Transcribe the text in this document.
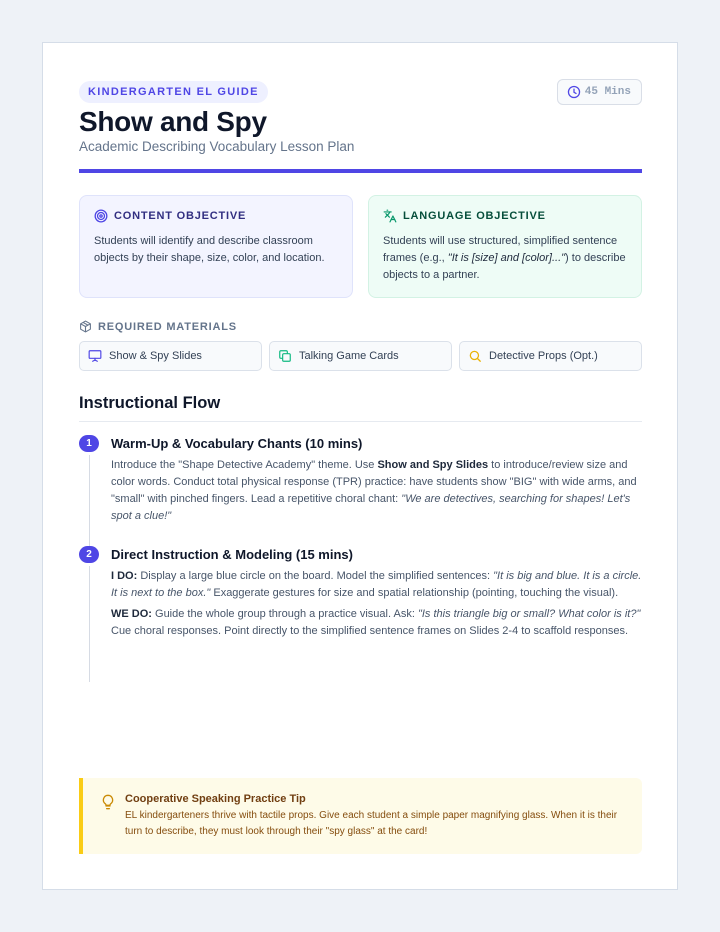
KINDERGARTEN EL GUIDE	45 Mins
Show and Spy
Academic Describing Vocabulary Lesson Plan
CONTENT OBJECTIVE
Students will identify and describe classroom objects by their shape, size, color, and location.
LANGUAGE OBJECTIVE
Students will use structured, simplified sentence frames (e.g., "It is [size] and [color]...") to describe objects to a partner.
REQUIRED MATERIALS
Show & Spy Slides	Talking Game Cards	Detective Props (Opt.)
Instructional Flow
1	Warm-Up & Vocabulary Chants (10 mins)
Introduce the "Shape Detective Academy" theme. Use Show and Spy Slides to introduce/review size and color words. Conduct total physical response (TPR) practice: have students show "BIG" with wide arms, and "small" with pinched fingers. Lead a repetitive choral chant: "We are detectives, searching for shapes! Let's spot a clue!"
2	Direct Instruction & Modeling (15 mins)
I DO: Display a large blue circle on the board. Model the simplified sentences: "It is big and blue. It is a circle. It is next to the box." Exaggerate gestures for size and spatial relationship (pointing, touching the visual).
WE DO: Guide the whole group through a practice visual. Ask: "Is this triangle big or small? What color is it?" Cue choral responses. Point directly to the simplified sentence frames on Slides 2-4 to scaffold responses.
Cooperative Speaking Practice Tip
EL kindergarteners thrive with tactile props. Give each student a simple paper magnifying glass. When it is their turn to describe, they must look through their "spy glass" at the card!
